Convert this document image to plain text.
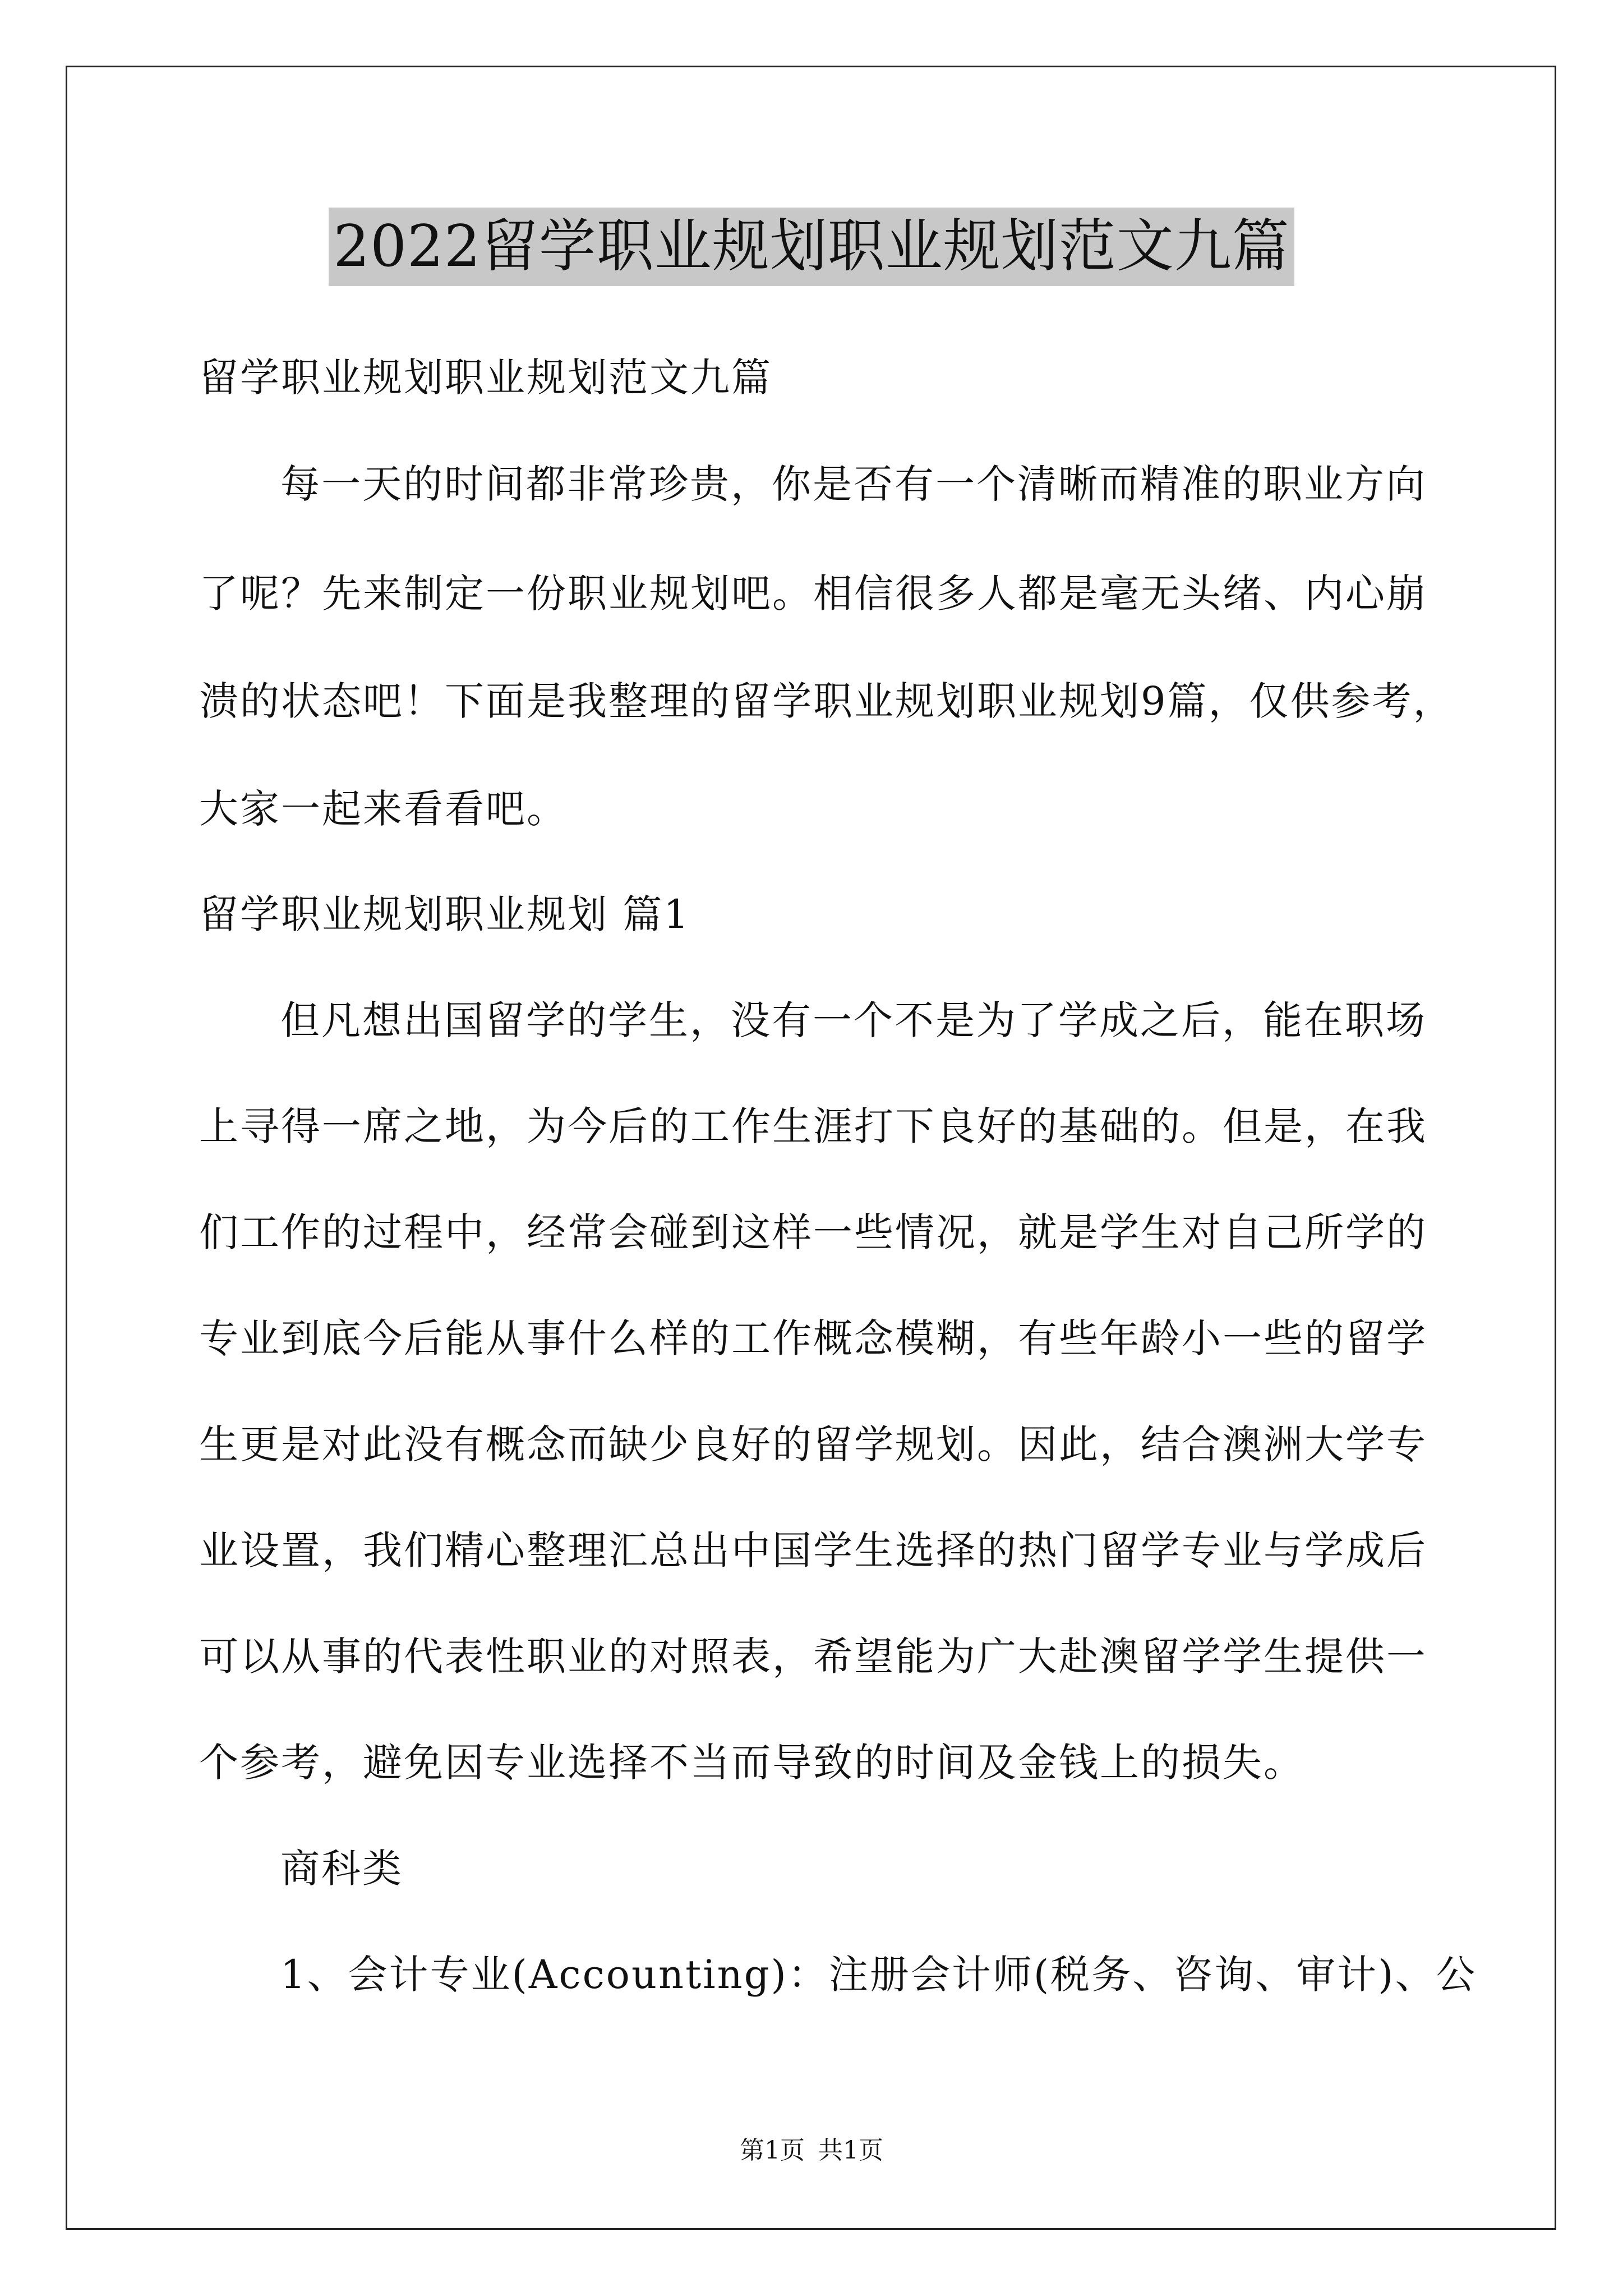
2022留学职业规划职业规划范文九篇
留学职业规划职业规划范文九篇
每一天的时间都非常珍贵，你是否有一个清晰而精准的职业方向
了呢？先来制定一份职业规划吧。相信很多人都是毫无头绪、内心崩
溃的状态吧！下面是我整理的留学职业规划职业规划9篇，仅供参考，
大家一起来看看吧。
留学职业规划职业规划 篇1
但凡想出国留学的学生，没有一个不是为了学成之后，能在职场
上寻得一席之地，为今后的工作生涯打下良好的基础的。但是，在我
们工作的过程中，经常会碰到这样一些情况，就是学生对自己所学的
专业到底今后能从事什么样的工作概念模糊，有些年龄小一些的留学
生更是对此没有概念而缺少良好的留学规划。因此，结合澳洲大学专
业设置，我们精心整理汇总出中国学生选择的热门留学专业与学成后
可以从事的代表性职业的对照表，希望能为广大赴澳留学学生提供一
个参考，避免因专业选择不当而导致的时间及金钱上的损失。
商科类
1、会计专业(Accounting)：注册会计师(税务、咨询、审计)、公
第1页 共1页
